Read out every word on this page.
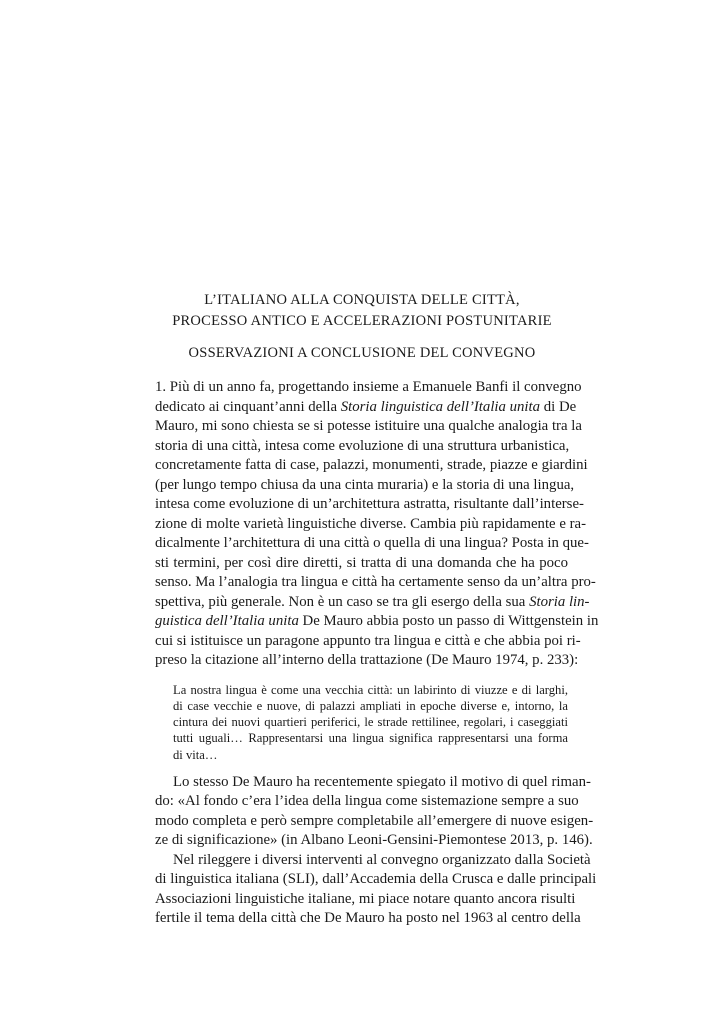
L’ITALIANO ALLA CONQUISTA DELLE CITTÀ,
PROCESSO ANTICO E ACCELERAZIONI POSTUNITARIE
OSSERVAZIONI A CONCLUSIONE DEL CONVEGNO
1. Più di un anno fa, progettando insieme a Emanuele Banfi il convegno
dedicato ai cinquant’anni della Storia linguistica dell’Italia unita di De
Mauro, mi sono chiesta se si potesse istituire una qualche analogia tra la
storia di una città, intesa come evoluzione di una struttura urbanistica,
concretamente fatta di case, palazzi, monumenti, strade, piazze e giardini
(per lungo tempo chiusa da una cinta muraria) e la storia di una lingua,
intesa come evoluzione di un’architettura astratta, risultante dall’interse-
zione di molte varietà linguistiche diverse. Cambia più rapidamente e ra-
dicalmente l’architettura di una città o quella di una lingua? Posta in que-
sti termini, per così dire diretti, si tratta di una domanda che ha poco
senso. Ma l’analogia tra lingua e città ha certamente senso da un’altra pro-
spettiva, più generale. Non è un caso se tra gli esergo della sua Storia lin-
guistica dell’Italia unita De Mauro abbia posto un passo di Wittgenstein in
cui si istituisce un paragone appunto tra lingua e città e che abbia poi ri-
preso la citazione all’interno della trattazione (De Mauro 1974, p. 233):
La nostra lingua è come una vecchia città: un labirinto di viuzze e di larghi,
di case vecchie e nuove, di palazzi ampliati in epoche diverse e, intorno, la
cintura dei nuovi quartieri periferici, le strade rettilinee, regolari, i caseggiati
tutti uguali… Rappresentarsi una lingua significa rappresentarsi una forma
di vita…
Lo stesso De Mauro ha recentemente spiegato il motivo di quel riman-
do: «Al fondo c’era l’idea della lingua come sistemazione sempre a suo
modo completa e però sempre completabile all’emergere di nuove esigen-
ze di significazione» (in Albano Leoni-Gensini-Piemontese 2013, p. 146).
Nel rileggere i diversi interventi al convegno organizzato dalla Società
di linguistica italiana (SLI), dall’Accademia della Crusca e dalle principali
Associazioni linguistiche italiane, mi piace notare quanto ancora risulti
fertile il tema della città che De Mauro ha posto nel 1963 al centro della
